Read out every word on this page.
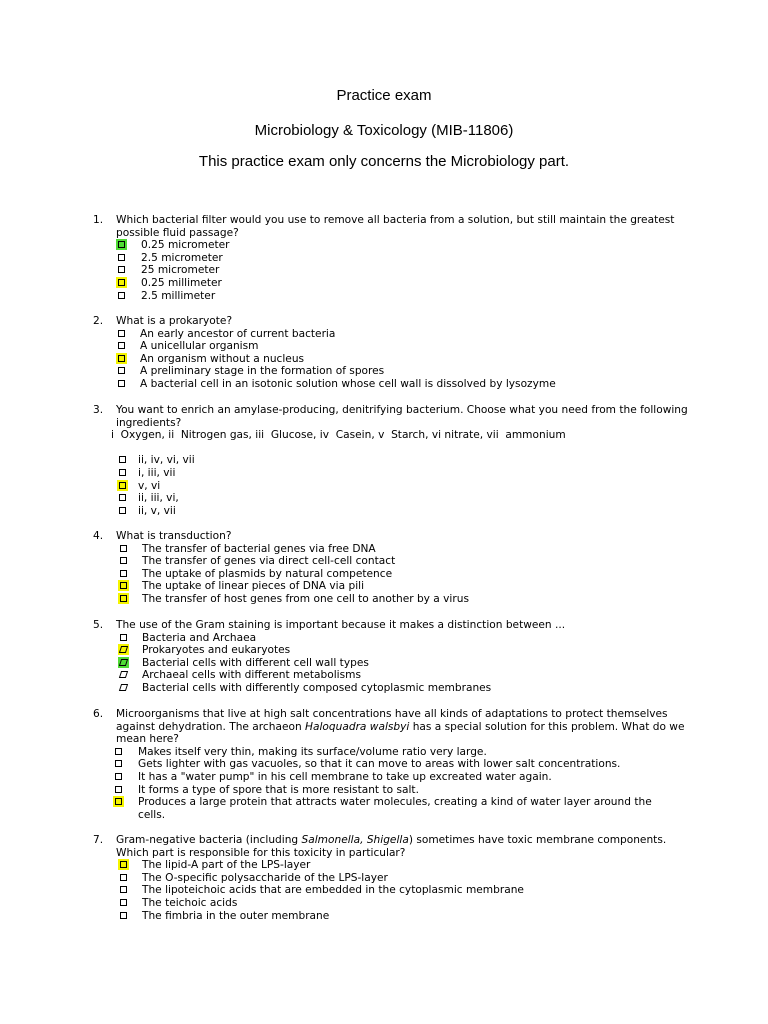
Practice exam
Microbiology & Toxicology (MIB-11806)
This practice exam only concerns the Microbiology part.
1. Which bacterial filter would you use to remove all bacteria from a solution, but still maintain the greatest possible fluid passage?
0.25 micrometer
2.5 micrometer
25 micrometer
0.25 millimeter
2.5 millimeter
2. What is a prokaryote?
An early ancestor of current bacteria
A unicellular organism
An organism without a nucleus
A preliminary stage in the formation of spores
A bacterial cell in an isotonic solution whose cell wall is dissolved by lysozyme
3. You want to enrich an amylase-producing, denitrifying bacterium. Choose what you need from the following ingredients?
i  Oxygen, ii  Nitrogen gas, iii  Glucose, iv  Casein, v  Starch, vi nitrate, vii  ammonium
ii, iv, vi, vii
i, iii, vii
v, vi
ii, iii, vi,
ii, v, vii
4. What is transduction?
The transfer of bacterial genes via free DNA
The transfer of genes via direct cell-cell contact
The uptake of plasmids by natural competence
The uptake of linear pieces of DNA via pili
The transfer of host genes from one cell to another by a virus
5. The use of the Gram staining is important because it makes a distinction between ...
Bacteria and Archaea
Prokaryotes and eukaryotes
Bacterial cells with different cell wall types
Archaeal cells with different metabolisms
Bacterial cells with differently composed cytoplasmic membranes
6. Microorganisms that live at high salt concentrations have all kinds of adaptations to protect themselves against dehydration. The archaeon Haloquadra walsbyi has a special solution for this problem. What do we mean here?
Makes itself very thin, making its surface/volume ratio very large.
Gets lighter with gas vacuoles, so that it can move to areas with lower salt concentrations.
It has a "water pump" in his cell membrane to take up excreated water again.
It forms a type of spore that is more resistant to salt.
Produces a large protein that attracts water molecules, creating a kind of water layer around the cells.
7. Gram-negative bacteria (including Salmonella, Shigella) sometimes have toxic membrane components. Which part is responsible for this toxicity in particular?
The lipid-A part of the LPS-layer
The O-specific polysaccharide of the LPS-layer
The lipoteichoic acids that are embedded in the cytoplasmic membrane
The teichoic acids
The fimbria in the outer membrane
